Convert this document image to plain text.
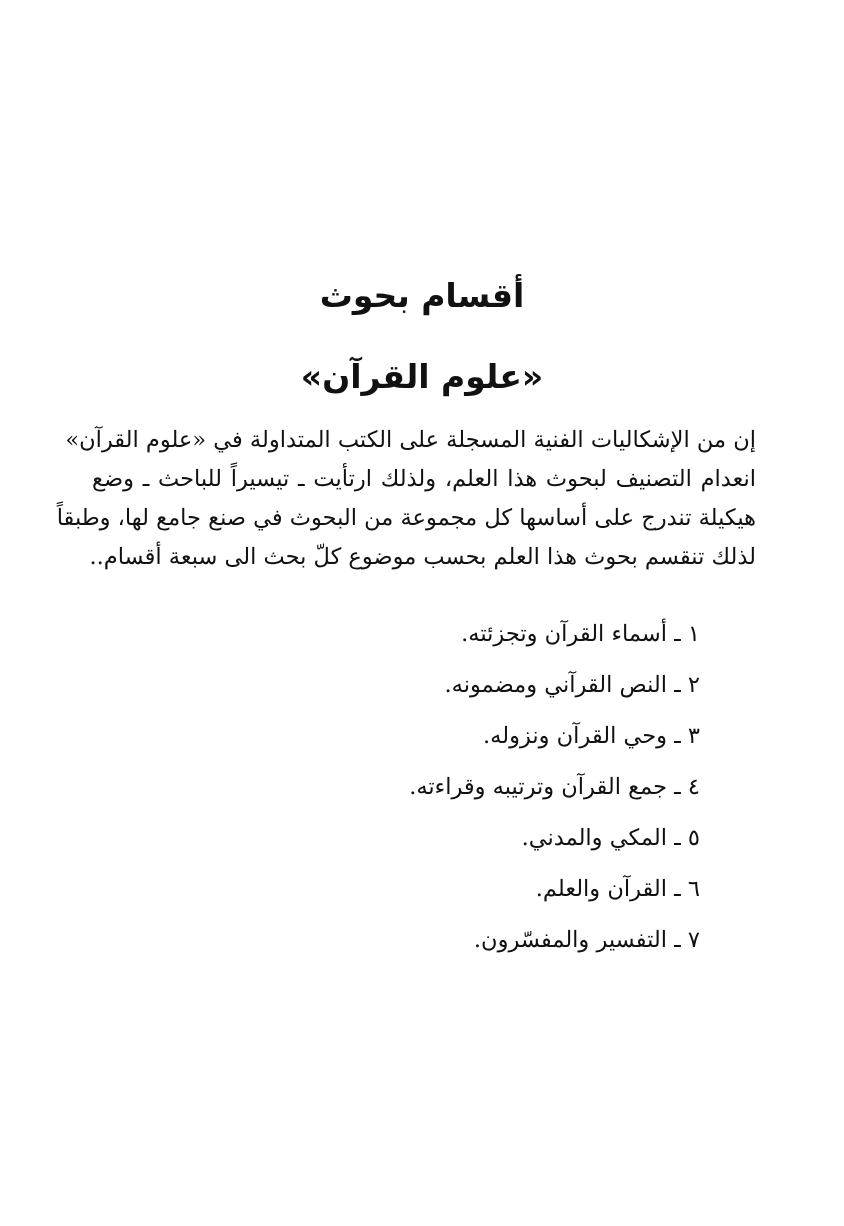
أقسام بحوث
«علوم القرآن»

إن من الإشكاليات الفنية المسجلة على الكتب المتداولة في «علوم القرآن»
انعدام التصنيف لبحوث هذا العلم، ولذلك ارتأيت ـ تيسيراً للباحث ـ وضع
هيكيلة تندرج على أساسها كل مجموعة من البحوث في صنع جامع لها، وطبقاً
لذلك تنقسم بحوث هذا العلم بحسب موضوع كلّ بحث الى سبعة أقسام..

١ ـ أسماء القرآن وتجزئته.
٢ ـ النص القرآني ومضمونه.
٣ ـ وحي القرآن ونزوله.
٤ ـ جمع القرآن وترتيبه وقراءته.
٥ ـ المكي والمدني.
٦ ـ القرآن والعلم.
٧ ـ التفسير والمفسّرون.
